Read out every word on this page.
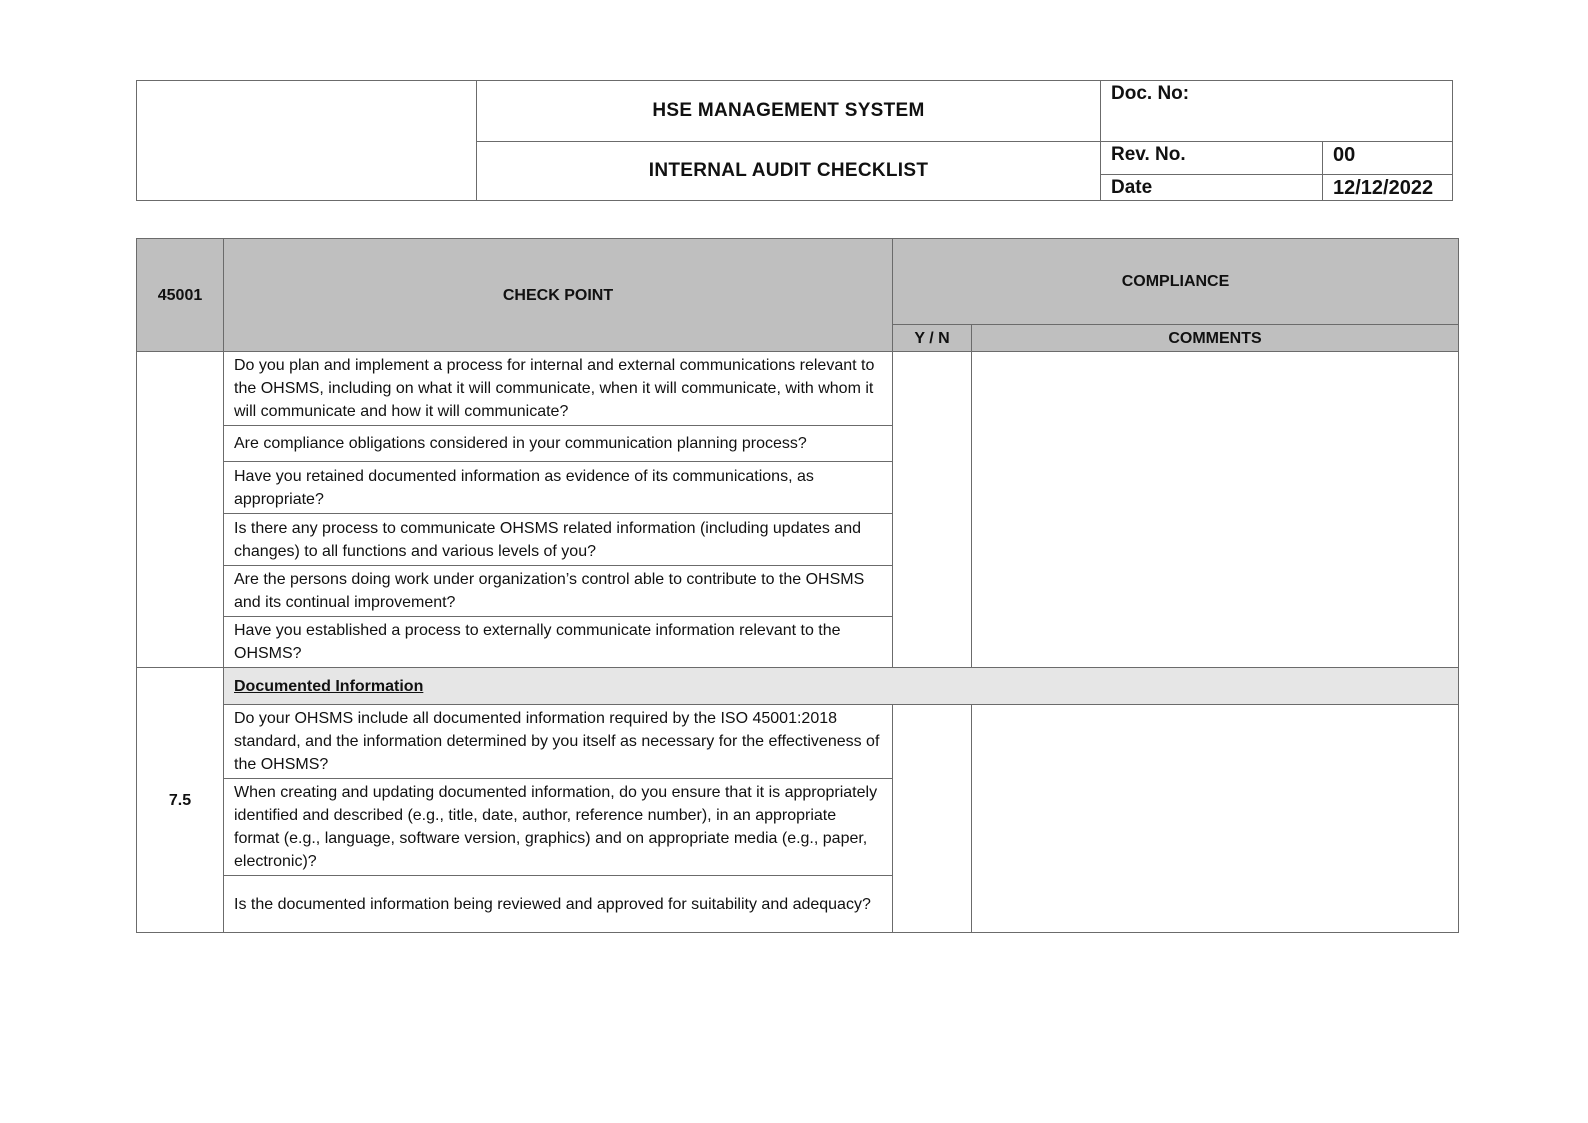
	HSE MANAGEMENT SYSTEM	Doc. No:	
	INTERNAL AUDIT CHECKLIST	Rev. No.	00
		Date	12/12/2022
45001	CHECK POINT	COMPLIANCE	
		Y / N	COMMENTS
	Do you plan and implement a process for internal and external communications relevant to the OHSMS, including on what it will communicate, when it will communicate, with whom it will communicate and how it will communicate?		
	Are compliance obligations considered in your communication planning process?		
	Have you retained documented information as evidence of its communications, as appropriate?		
	Is there any process to communicate OHSMS related information (including updates and changes) to all functions and various levels of you?		
	Are the persons doing work under organization’s control able to contribute to the OHSMS and its continual improvement?		
	Have you established a process to externally communicate information relevant to the OHSMS?		
7.5	Documented Information		
	Do your OHSMS include all documented information required by the ISO 45001:2018 standard, and the information determined by you itself as necessary for the effectiveness of the OHSMS?		
	When creating and updating documented information, do you ensure that it is appropriately identified and described (e.g., title, date, author, reference number), in an appropriate format (e.g., language, software version, graphics) and on appropriate media (e.g., paper, electronic)?		
	Is the documented information being reviewed and approved for suitability and adequacy?		
